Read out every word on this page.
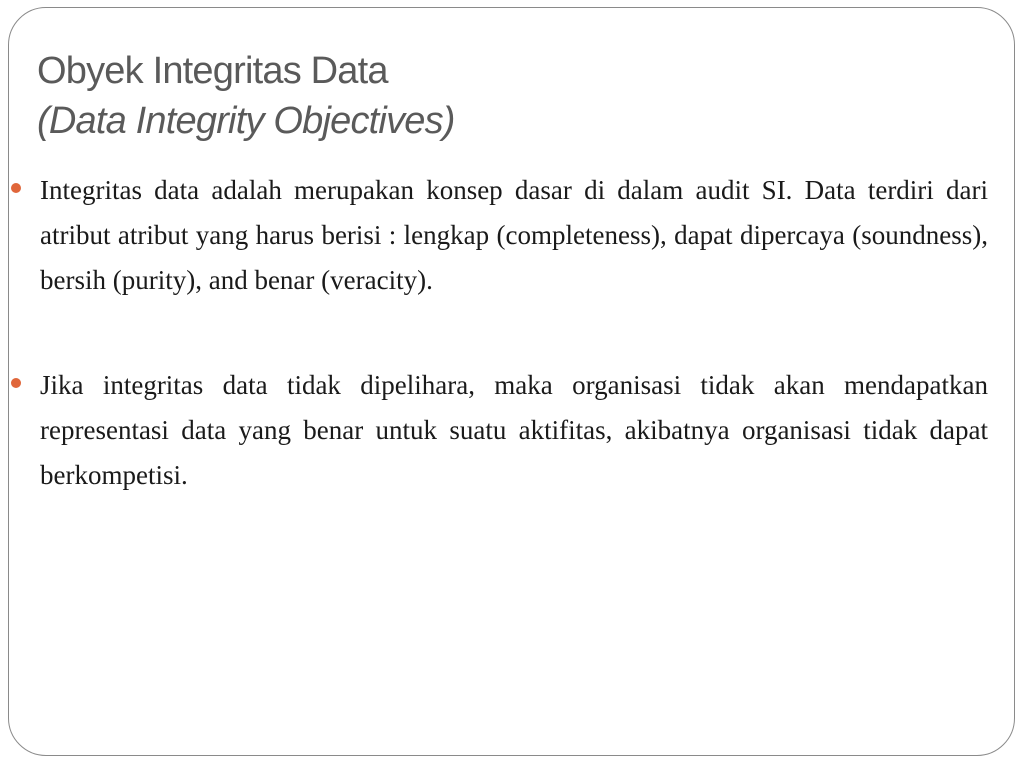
Obyek Integritas Data
(Data Integrity Objectives)
Integritas data adalah merupakan konsep dasar di dalam audit SI. Data terdiri dari atribut atribut yang harus berisi : lengkap (completeness), dapat dipercaya (soundness), bersih (purity), and benar (veracity).
Jika integritas data tidak dipelihara, maka organisasi tidak akan mendapatkan representasi data yang benar untuk suatu aktifitas, akibatnya organisasi tidak dapat berkompetisi.
